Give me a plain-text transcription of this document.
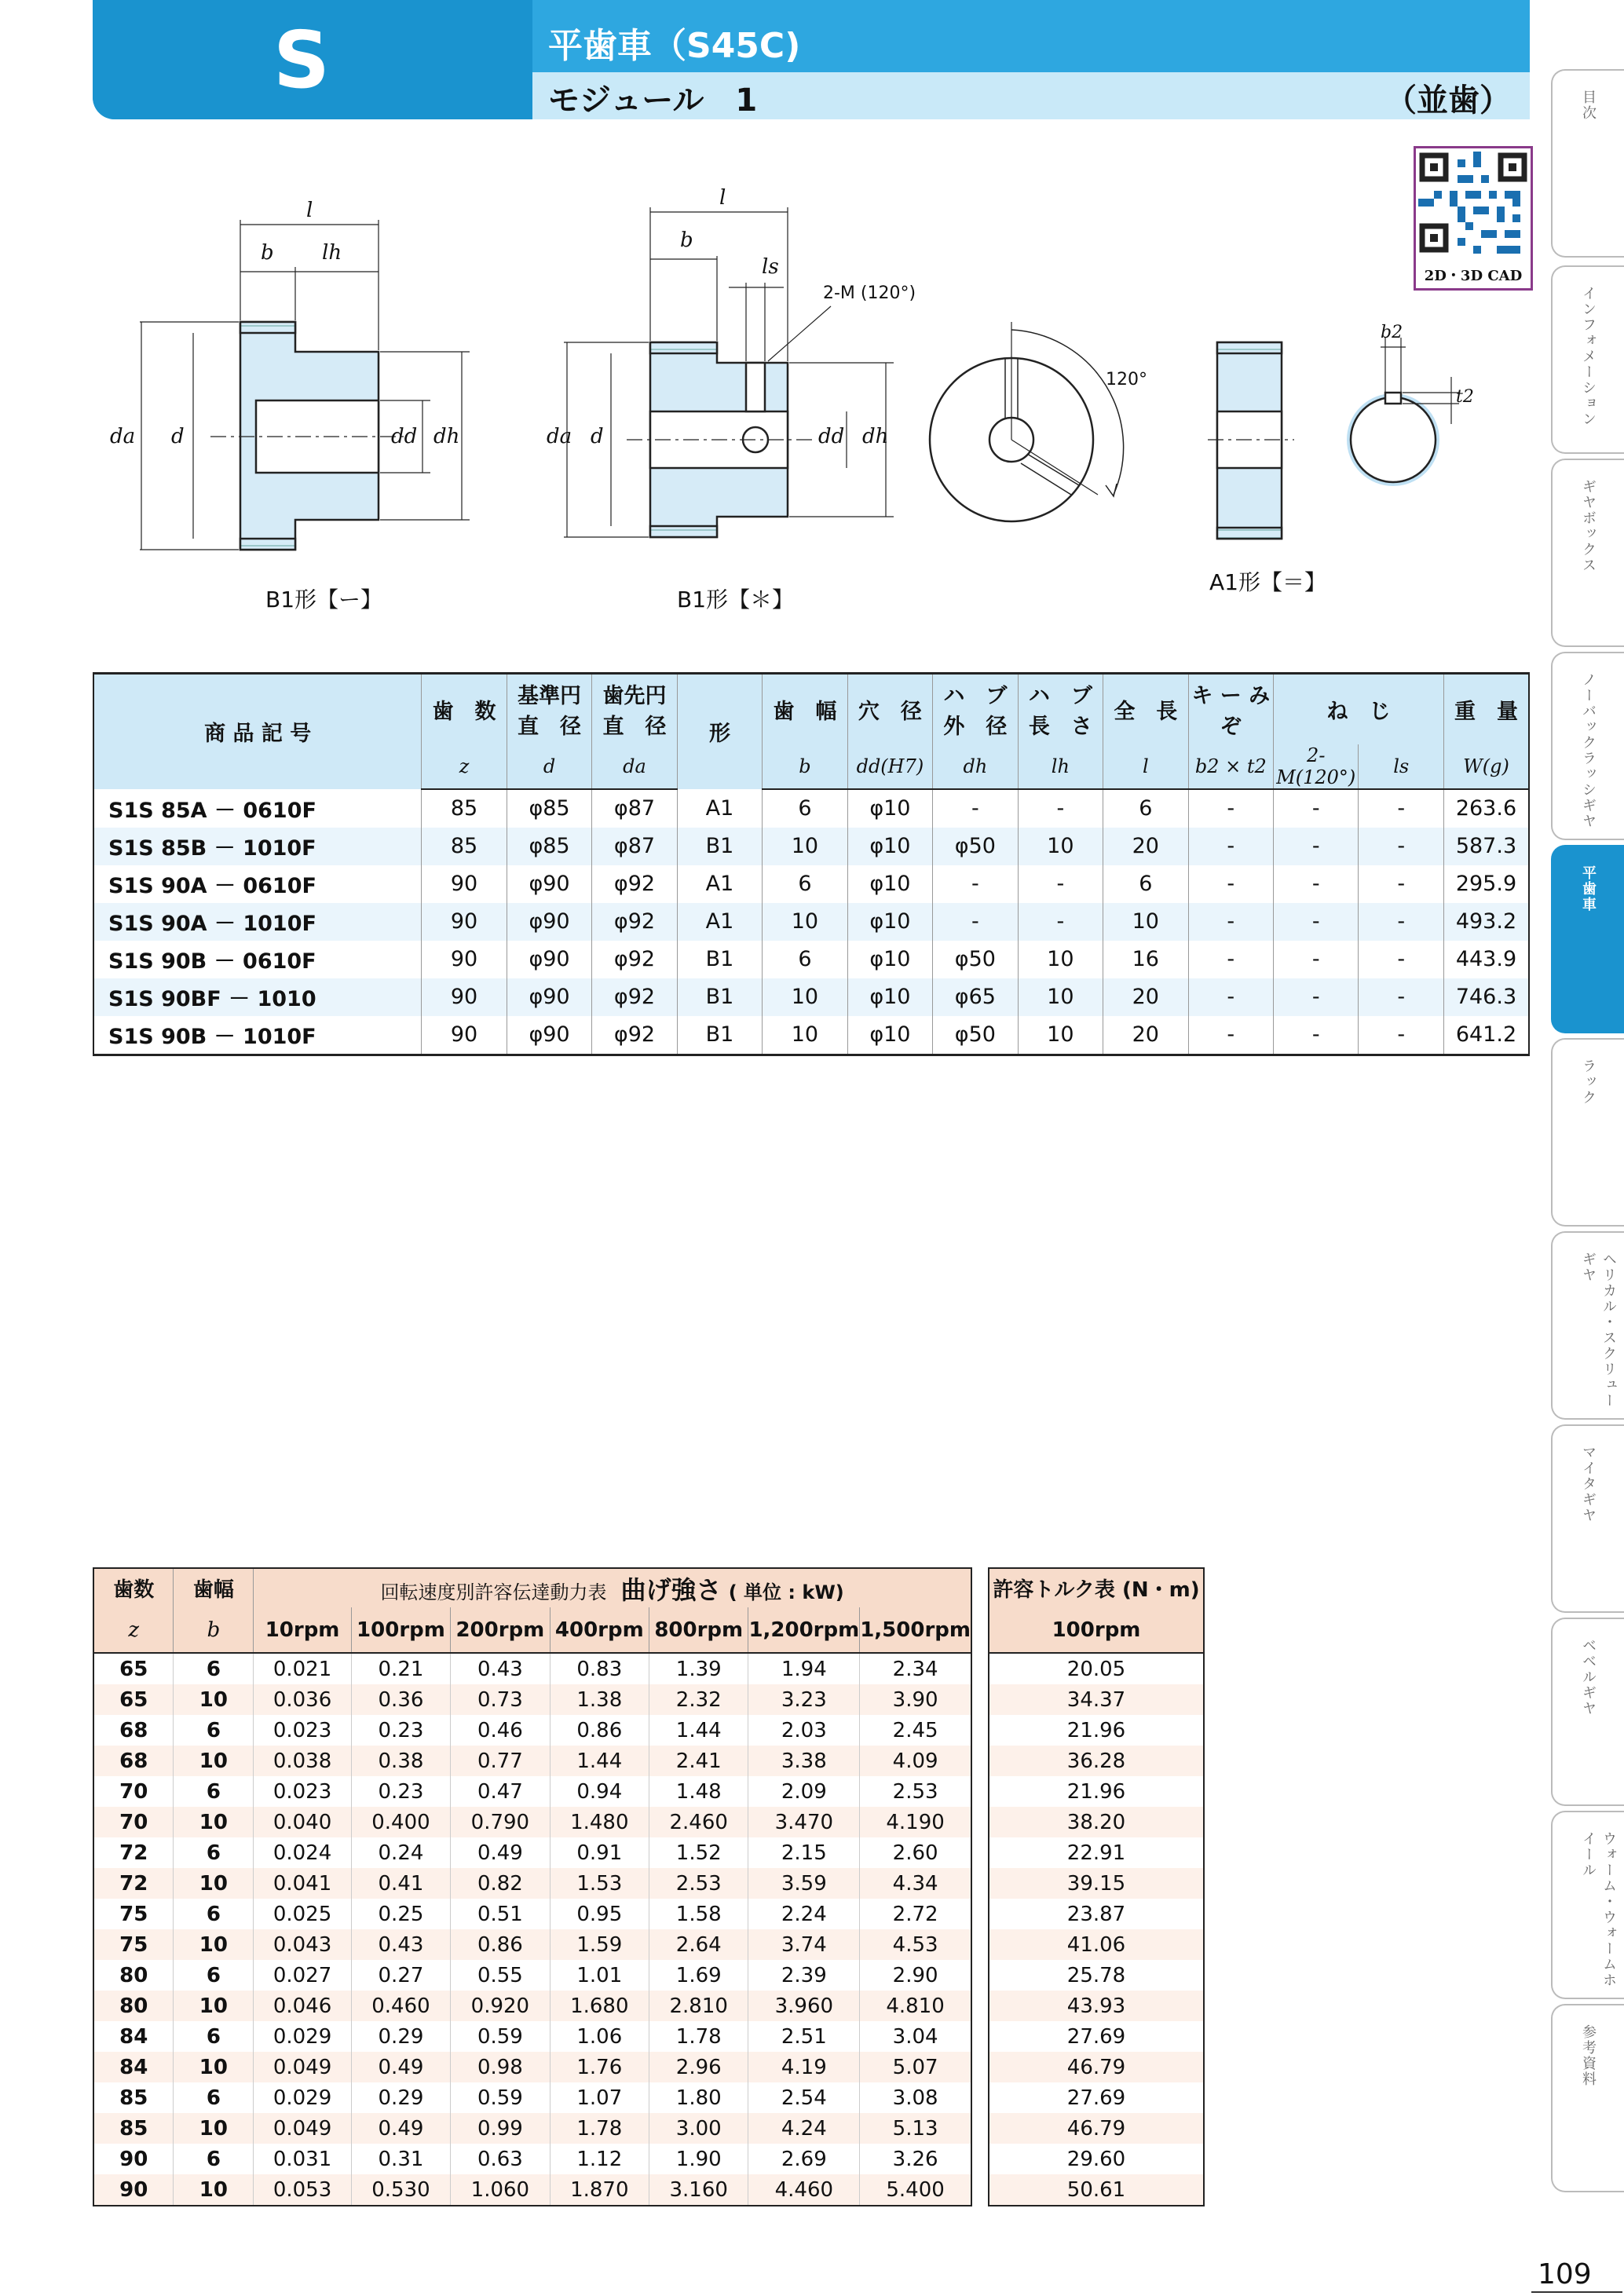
S	平歯車（S45C)
モジュール　1	（並歯）
2D・3D CAD
目次
インフォメーション
ギヤボックス
ノーバックラッシギヤ
平歯車
ラック
ヘリカル・スクリューギヤ
マイタギヤ
ベベルギヤ
ウォーム・ウォームホイール
参考資料
l
b lh
da d	dd dh
l
b
ls
2-M (120°)
da d	dd dh
120°
b2
t2
B1形【ー】	B1形【＊】
A1形【＝】
商 品 記 号	歯　数	基準円 直　径	歯先円 直　径	形	歯　幅	穴　径	ハ　ブ 外　径	ハ　ブ 長　さ	全　長	キ ー みぞ	ね　じ		重　量
	z	d	da		b	dd(H7)	dh	lh	l	b2 × t2	2-M(120°)	ls	W(g)
S1S 85A － 0610F	85	φ85	φ87	A1	6	φ10	-	-	6	-	-	-	263.6
S1S 85B － 1010F	85	φ85	φ87	B1	10	φ10	φ50	10	20	-	-	-	587.3
S1S 90A － 0610F	90	φ90	φ92	A1	6	φ10	-	-	6	-	-	-	295.9
S1S 90A － 1010F	90	φ90	φ92	A1	10	φ10	-	-	10	-	-	-	493.2
S1S 90B － 0610F	90	φ90	φ92	B1	6	φ10	φ50	10	16	-	-	-	443.9
S1S 90BF － 1010	90	φ90	φ92	B1	10	φ10	φ65	10	20	-	-	-	746.3
S1S 90B － 1010F	90	φ90	φ92	B1	10	φ10	φ50	10	20	-	-	-	641.2
歯数	歯幅	回転速度別許容伝達動力表 曲げ強さ ( 単位 : kW)						
z	b	10rpm	100rpm	200rpm	400rpm	800rpm	1,200rpm	1,500rpm
65	6	0.021	0.21	0.43	0.83	1.39	1.94	2.34
65	10	0.036	0.36	0.73	1.38	2.32	3.23	3.90
68	6	0.023	0.23	0.46	0.86	1.44	2.03	2.45
68	10	0.038	0.38	0.77	1.44	2.41	3.38	4.09
70	6	0.023	0.23	0.47	0.94	1.48	2.09	2.53
70	10	0.040	0.400	0.790	1.480	2.460	3.470	4.190
72	6	0.024	0.24	0.49	0.91	1.52	2.15	2.60
72	10	0.041	0.41	0.82	1.53	2.53	3.59	4.34
75	6	0.025	0.25	0.51	0.95	1.58	2.24	2.72
75	10	0.043	0.43	0.86	1.59	2.64	3.74	4.53
80	6	0.027	0.27	0.55	1.01	1.69	2.39	2.90
80	10	0.046	0.460	0.920	1.680	2.810	3.960	4.810
84	6	0.029	0.29	0.59	1.06	1.78	2.51	3.04
84	10	0.049	0.49	0.98	1.76	2.96	4.19	5.07
85	6	0.029	0.29	0.59	1.07	1.80	2.54	3.08
85	10	0.049	0.49	0.99	1.78	3.00	4.24	5.13
90	6	0.031	0.31	0.63	1.12	1.90	2.69	3.26
90	10	0.053	0.530	1.060	1.870	3.160	4.460	5.400
許容トルク表 (N・m)
100rpm
20.05
34.37
21.96
36.28
21.96
38.20
22.91
39.15
23.87
41.06
25.78
43.93
27.69
46.79
27.69
46.79
29.60
50.61
109
